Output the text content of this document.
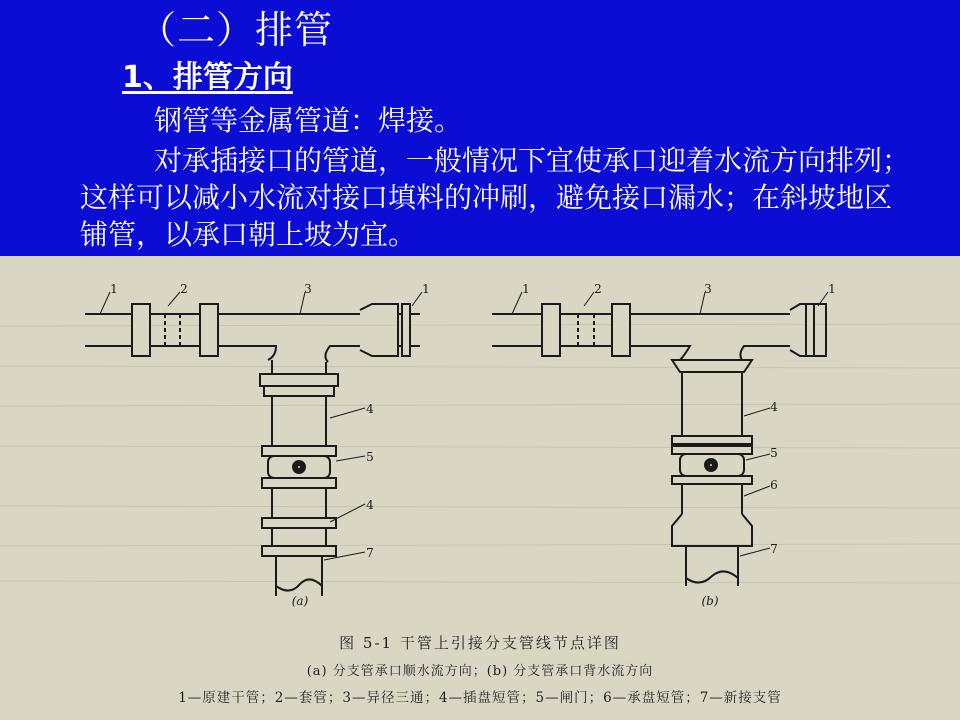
（二）排管
1、排管方向

钢管等金属管道：焊接。

对承插接口的管道，一般情况下宜使承口迎着水流方向排列；这样可以减小水流对接口填料的冲刷，避免接口漏水；在斜坡地区铺管，以承口朝上坡为宜。

1	2	3	1
4
5
4
7
1	2	3	1
4
5
6
7
(a)	(b)

图 5-1 干管上引接分支管线节点详图

(a) 分支管承口顺水流方向；(b) 分支管承口背水流方向

1—原建干管；2—套管；3—异径三通；4—插盘短管；5—闸门；6—承盘短管；7—新接支管
